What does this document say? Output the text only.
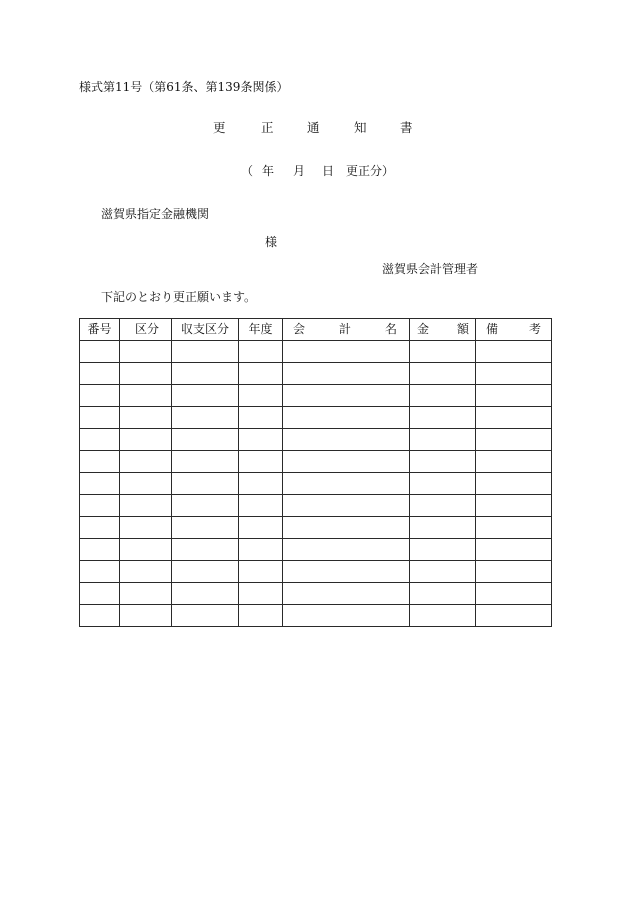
様式第11号（第61条、第139条関係）
更	正	通	知	書
（ 年 月 日 更正分）
滋賀県指定金融機関
様
滋賀県会計管理者
下記のとおり更正願います。
番号	区 分	収支区分	年度	会 計 名	金 額	備 考
